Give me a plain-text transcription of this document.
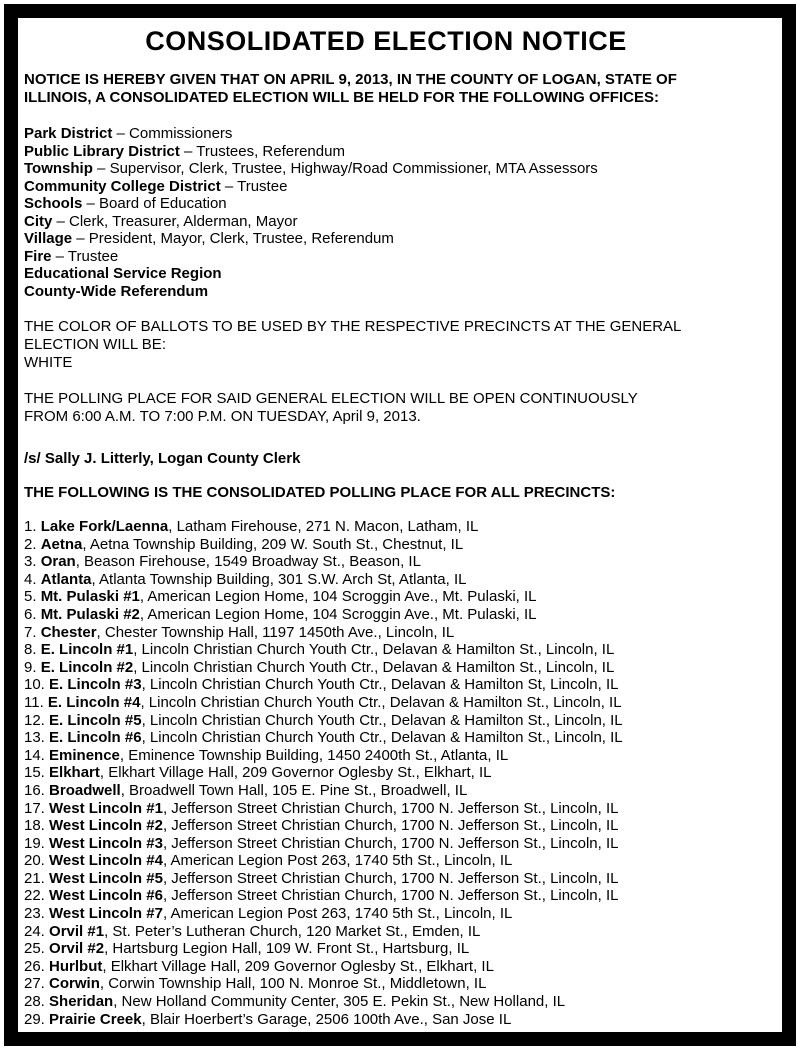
CONSOLIDATED ELECTION NOTICE

NOTICE IS HEREBY GIVEN THAT ON APRIL 9, 2013, IN THE COUNTY OF LOGAN, STATE OF ILLINOIS, A CONSOLIDATED ELECTION WILL BE HELD FOR THE FOLLOWING OFFICES:

Park District – Commissioners
Public Library District – Trustees, Referendum
Township – Supervisor, Clerk, Trustee, Highway/Road Commissioner, MTA Assessors
Community College District – Trustee
Schools – Board of Education
City – Clerk, Treasurer, Alderman, Mayor
Village – President, Mayor, Clerk, Trustee, Referendum
Fire – Trustee
Educational Service Region
County-Wide Referendum

THE COLOR OF BALLOTS TO BE USED BY THE RESPECTIVE PRECINCTS AT THE GENERAL ELECTION WILL BE:
WHITE

THE POLLING PLACE FOR SAID GENERAL ELECTION WILL BE OPEN CONTINUOUSLY FROM 6:00 A.M. TO 7:00 P.M. ON TUESDAY, April 9, 2013.

/s/ Sally J. Litterly, Logan County Clerk

THE FOLLOWING IS THE CONSOLIDATED POLLING PLACE FOR ALL PRECINCTS:

1. Lake Fork/Laenna, Latham Firehouse, 271 N. Macon, Latham, IL
2. Aetna, Aetna Township Building, 209 W. South St., Chestnut, IL
3. Oran, Beason Firehouse, 1549 Broadway St., Beason, IL
4. Atlanta, Atlanta Township Building, 301 S.W. Arch St, Atlanta, IL
5. Mt. Pulaski #1, American Legion Home, 104 Scroggin Ave., Mt. Pulaski, IL
6. Mt. Pulaski #2, American Legion Home, 104 Scroggin Ave., Mt. Pulaski, IL
7. Chester, Chester Township Hall, 1197 1450th Ave., Lincoln, IL
8. E. Lincoln #1, Lincoln Christian Church Youth Ctr., Delavan & Hamilton St., Lincoln, IL
9. E. Lincoln #2, Lincoln Christian Church Youth Ctr., Delavan & Hamilton St., Lincoln, IL
10. E. Lincoln #3, Lincoln Christian Church Youth Ctr., Delavan & Hamilton St, Lincoln, IL
11. E. Lincoln #4, Lincoln Christian Church Youth Ctr., Delavan & Hamilton St., Lincoln, IL
12. E. Lincoln #5, Lincoln Christian Church Youth Ctr., Delavan & Hamilton St., Lincoln, IL
13. E. Lincoln #6, Lincoln Christian Church Youth Ctr., Delavan & Hamilton St., Lincoln, IL
14. Eminence, Eminence Township Building, 1450 2400th St., Atlanta, IL
15. Elkhart, Elkhart Village Hall, 209 Governor Oglesby St., Elkhart, IL
16. Broadwell, Broadwell Town Hall, 105 E. Pine St., Broadwell, IL
17. West Lincoln #1, Jefferson Street Christian Church, 1700 N. Jefferson St., Lincoln, IL
18. West Lincoln #2, Jefferson Street Christian Church, 1700 N. Jefferson St., Lincoln, IL
19. West Lincoln #3, Jefferson Street Christian Church, 1700 N. Jefferson St., Lincoln, IL
20. West Lincoln #4, American Legion Post 263, 1740 5th St., Lincoln, IL
21. West Lincoln #5, Jefferson Street Christian Church, 1700 N. Jefferson St., Lincoln, IL
22. West Lincoln #6, Jefferson Street Christian Church, 1700 N. Jefferson St., Lincoln, IL
23. West Lincoln #7, American Legion Post 263, 1740 5th St., Lincoln, IL
24. Orvil #1, St. Peter’s Lutheran Church, 120 Market St., Emden, IL
25. Orvil #2, Hartsburg Legion Hall, 109 W. Front St., Hartsburg, IL
26. Hurlbut, Elkhart Village Hall, 209 Governor Oglesby St., Elkhart, IL
27. Corwin, Corwin Township Hall, 100 N. Monroe St., Middletown, IL
28. Sheridan, New Holland Community Center, 305 E. Pekin St., New Holland, IL
29. Prairie Creek, Blair Hoerbert’s Garage, 2506 100th Ave., San Jose IL
